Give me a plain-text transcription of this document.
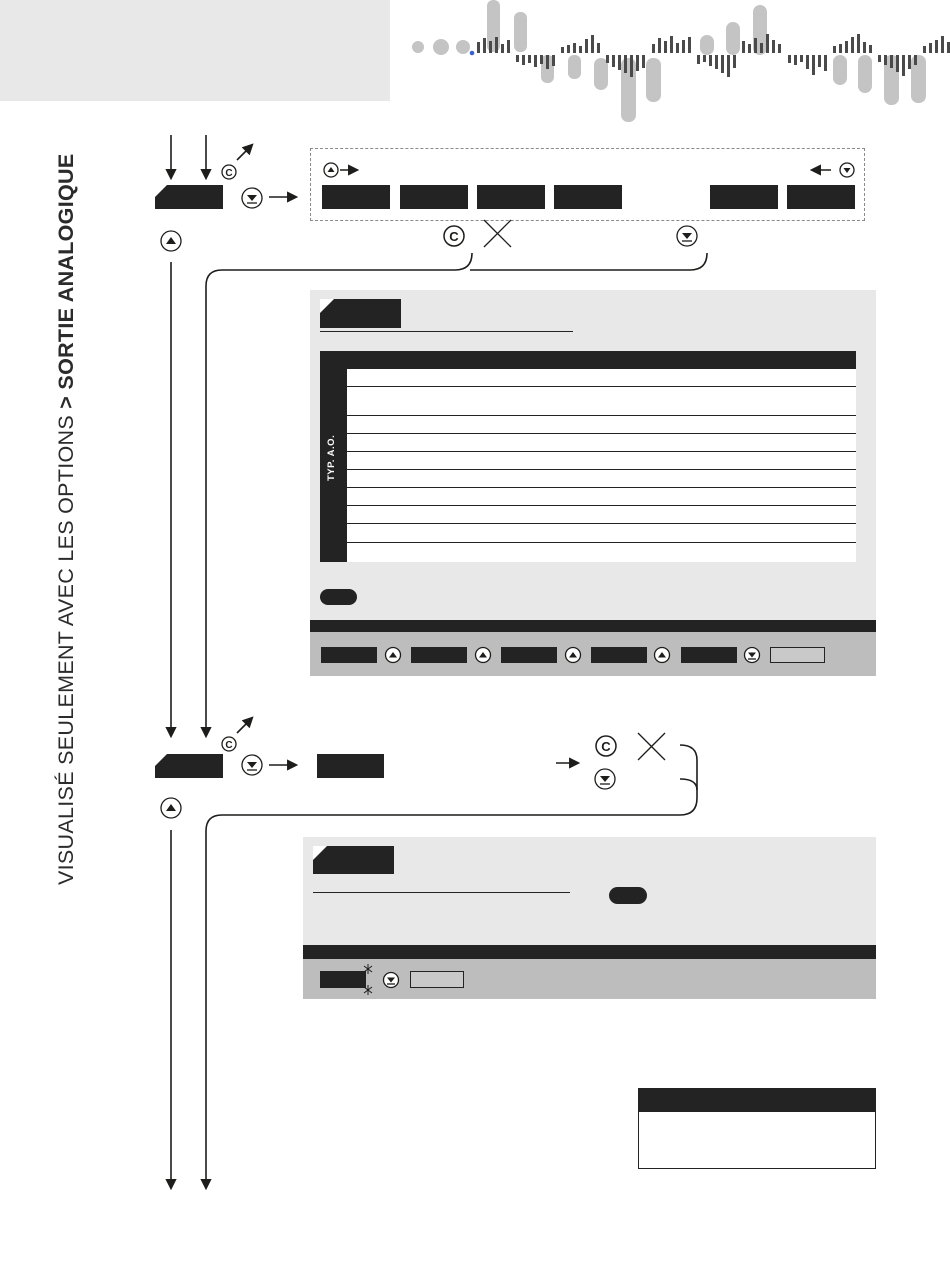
VISUALISÉ SEULEMENT AVEC LES OPTIONS > SORTIE ANALOGIQUE
TYP. A.O.
C
C
C	C
